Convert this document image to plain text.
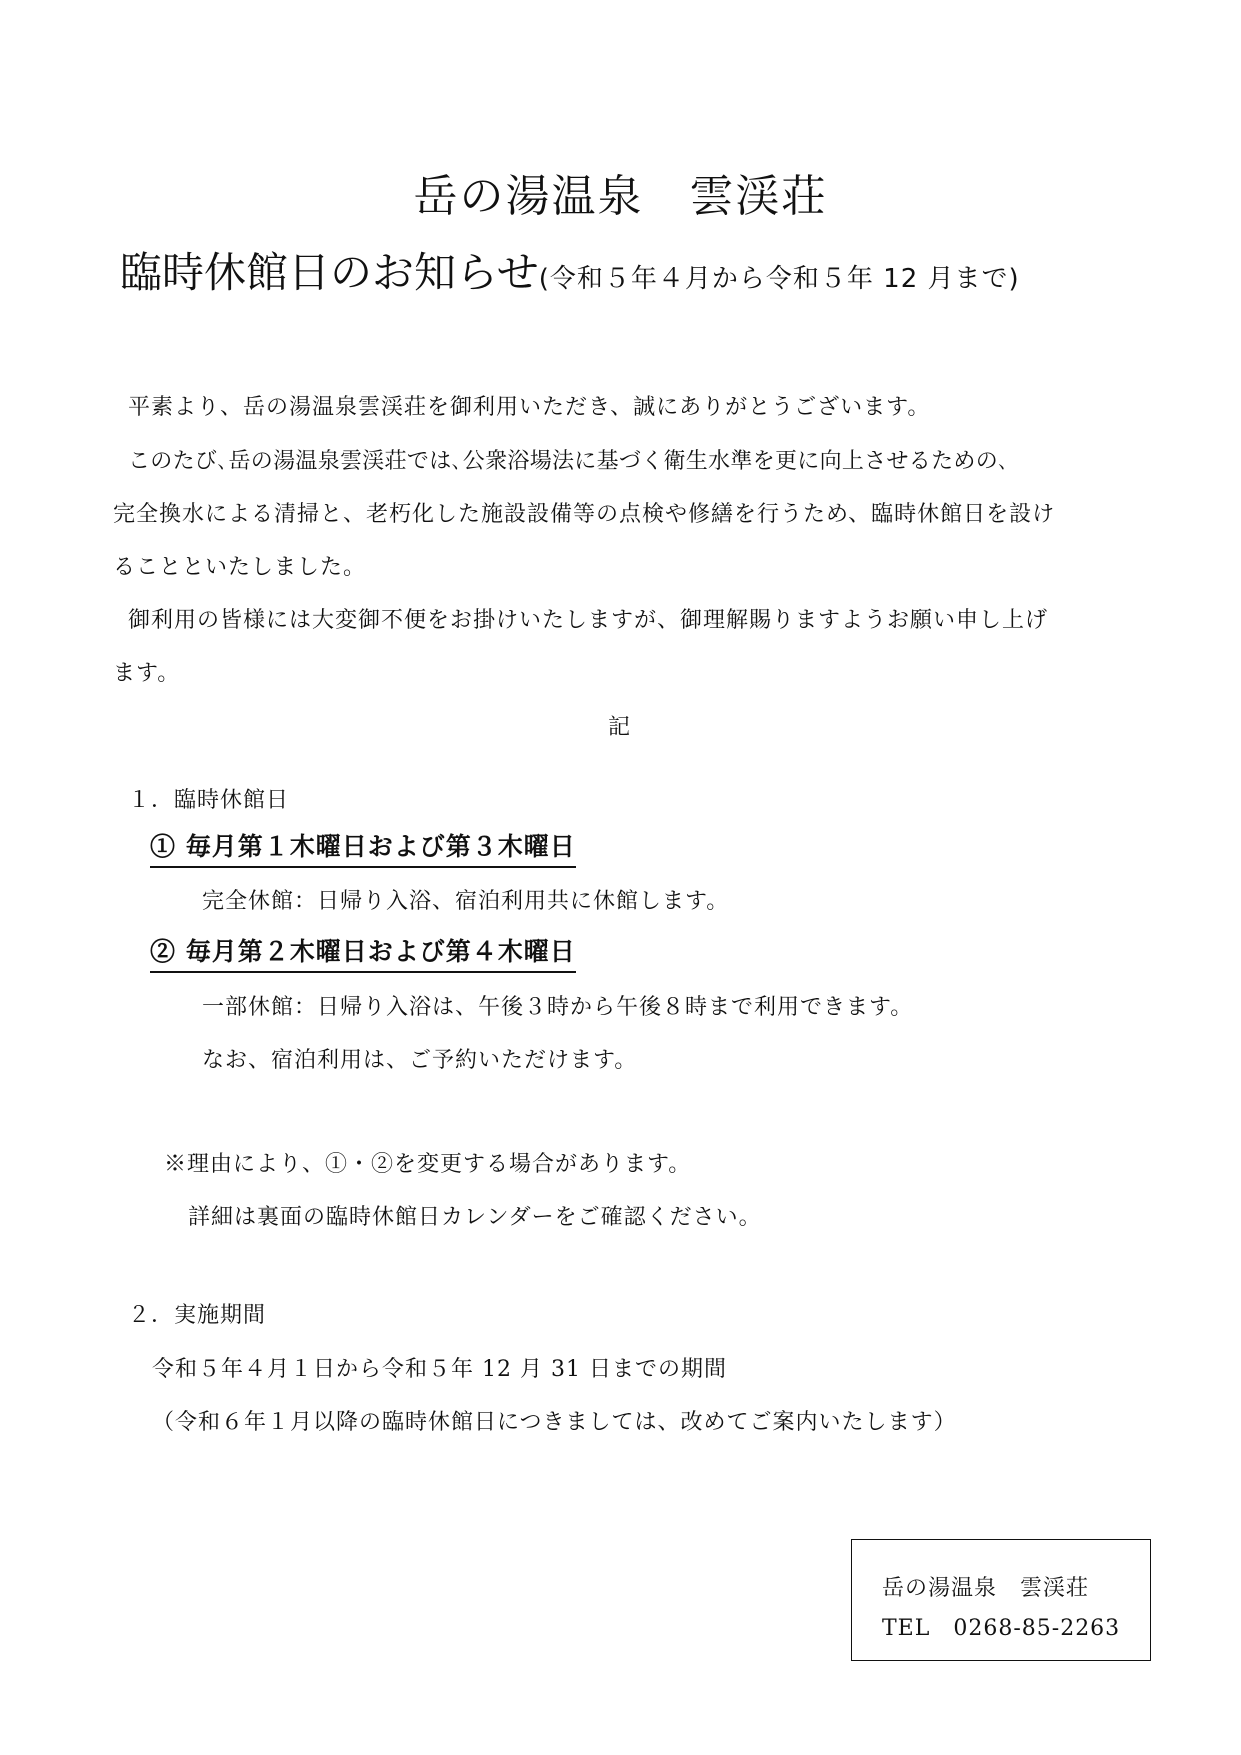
岳の湯温泉　雲渓荘
臨時休館日のお知らせ(令和５年４月から令和５年 12 月まで)
平素より、岳の湯温泉雲渓荘を御利用いただき、誠にありがとうございます。
このたび､岳の湯温泉雲渓荘では､公衆浴場法に基づく衛生水準を更に向上させるための､
完全換水による清掃と、老朽化した施設設備等の点検や修繕を行うため、臨時休館日を設け
ることといたしました。
御利用の皆様には大変御不便をお掛けいたしますが、御理解賜りますようお願い申し上げ
ます。
記
１．臨時休館日
① 毎月第１木曜日および第３木曜日
完全休館：日帰り入浴、宿泊利用共に休館します。
② 毎月第２木曜日および第４木曜日
一部休館：日帰り入浴は、午後３時から午後８時まで利用できます。
なお、宿泊利用は、ご予約いただけます。
※理由により、①・②を変更する場合があります。
詳細は裏面の臨時休館日カレンダーをご確認ください。
２．実施期間
令和５年４月１日から令和５年 12 月 31 日までの期間
（令和６年１月以降の臨時休館日につきましては、改めてご案内いたします）
岳の湯温泉　雲渓荘
TEL　0268-85-2263
